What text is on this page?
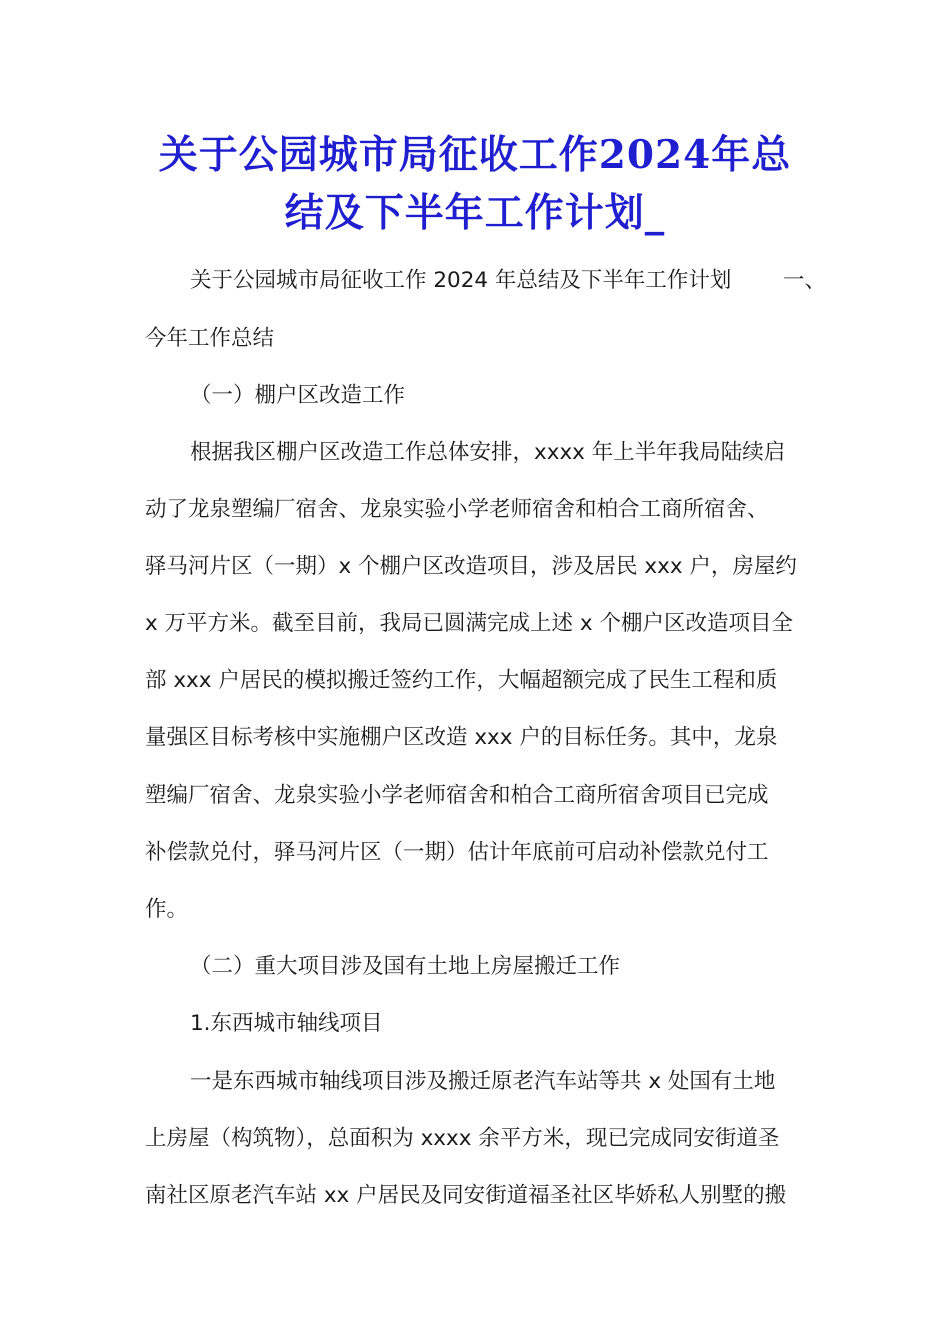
关于公园城市局征收工作2024年总
结及下半年工作计划_
关于公园城市局征收工作 2024 年总结及下半年工作计划 一、
今年工作总结
（一）棚户区改造工作
根据我区棚户区改造工作总体安排，xxxx 年上半年我局陆续启
动了龙泉塑编厂宿舍、龙泉实验小学老师宿舍和柏合工商所宿舍、
驿马河片区（一期）x 个棚户区改造项目，涉及居民 xxx 户，房屋约
x 万平方米。截至目前，我局已圆满完成上述 x 个棚户区改造项目全
部 xxx 户居民的模拟搬迁签约工作，大幅超额完成了民生工程和质
量强区目标考核中实施棚户区改造 xxx 户的目标任务。其中，龙泉
塑编厂宿舍、龙泉实验小学老师宿舍和柏合工商所宿舍项目已完成
补偿款兑付，驿马河片区（一期）估计年底前可启动补偿款兑付工
作。
（二）重大项目涉及国有土地上房屋搬迁工作
1.东西城市轴线项目
一是东西城市轴线项目涉及搬迁原老汽车站等共 x 处国有土地
上房屋（构筑物），总面积为 xxxx 余平方米，现已完成同安街道圣
南社区原老汽车站 xx 户居民及同安街道福圣社区毕娇私人别墅的搬
